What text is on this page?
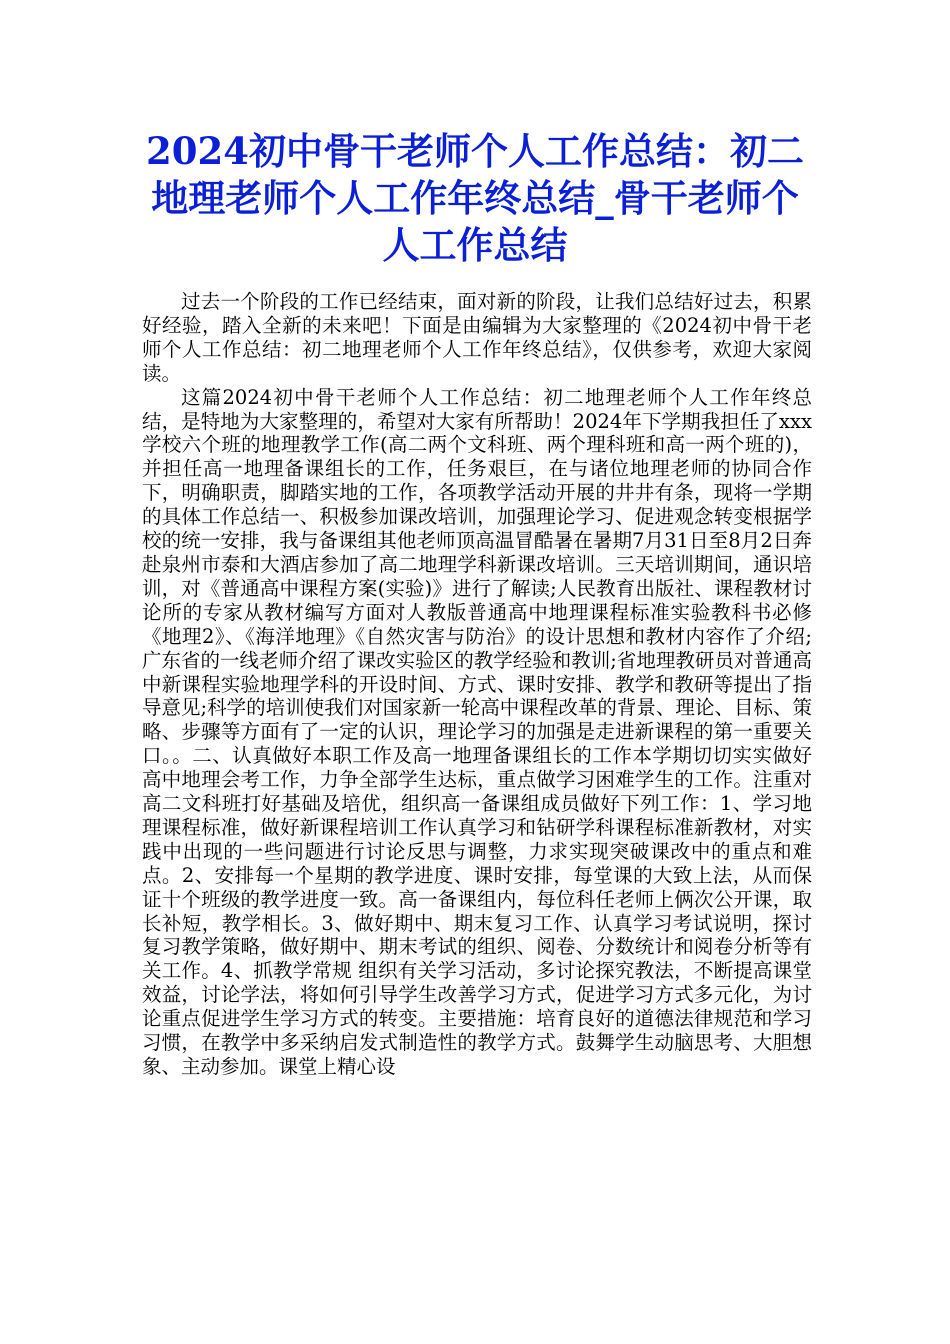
2024初中骨干老师个人工作总结：初二地理老师个人工作年终总结_骨干老师个人工作总结

过去一个阶段的工作已经结束，面对新的阶段，让我们总结好过去，积累好经验，踏入全新的未来吧！下面是由编辑为大家整理的《2024初中骨干老师个人工作总结：初二地理老师个人工作年终总结》，仅供参考，欢迎大家阅读。

这篇2024初中骨干老师个人工作总结：初二地理老师个人工作年终总结，是特地为大家整理的，希望对大家有所帮助！2024年下学期我担任了xxx学校六个班的地理教学工作(高二两个文科班、两个理科班和高一两个班的)，并担任高一地理备课组长的工作，任务艰巨，在与诸位地理老师的协同合作下，明确职责，脚踏实地的工作，各项教学活动开展的井井有条，现将一学期的具体工作总结一、积极参加课改培训，加强理论学习、促进观念转变根据学校的统一安排，我与备课组其他老师顶高温冒酷暑在暑期7月31日至8月2日奔赴泉州市泰和大酒店参加了高二地理学科新课改培训。三天培训期间，通识培训，对《普通高中课程方案(实验)》进行了解读;人民教育出版社、课程教材讨论所的专家从教材编写方面对人教版普通高中地理课程标准实验教科书必修《地理2》、《海洋地理》《自然灾害与防治》的设计思想和教材内容作了介绍;广东省的一线老师介绍了课改实验区的教学经验和教训;省地理教研员对普通高中新课程实验地理学科的开设时间、方式、课时安排、教学和教研等提出了指导意见;科学的培训使我们对国家新一轮高中课程改革的背景、理论、目标、策略、步骤等方面有了一定的认识，理论学习的加强是走进新课程的第一重要关口。。二、认真做好本职工作及高一地理备课组长的工作本学期切切实实做好高中地理会考工作，力争全部学生达标，重点做学习困难学生的工作。注重对高二文科班打好基础及培优，组织高一备课组成员做好下列工作：1、学习地理课程标准，做好新课程培训工作认真学习和钻研学科课程标准新教材，对实践中出现的一些问题进行讨论反思与调整，力求实现突破课改中的重点和难点。2、安排每一个星期的教学进度、课时安排，每堂课的大致上法，从而保证十个班级的教学进度一致。高一备课组内，每位科任老师上俩次公开课，取长补短，教学相长。3、做好期中、期末复习工作、认真学习考试说明，探讨复习教学策略，做好期中、期末考试的组织、阅卷、分数统计和阅卷分析等有关工作。4、抓教学常规 组织有关学习活动，多讨论探究教法，不断提高课堂效益，讨论学法，将如何引导学生改善学习方式，促进学习方式多元化，为讨论重点促进学生学习方式的转变。主要措施：培育良好的道德法律规范和学习习惯，在教学中多采纳启发式制造性的教学方式。鼓舞学生动脑思考、大胆想象、主动参加。课堂上精心设
